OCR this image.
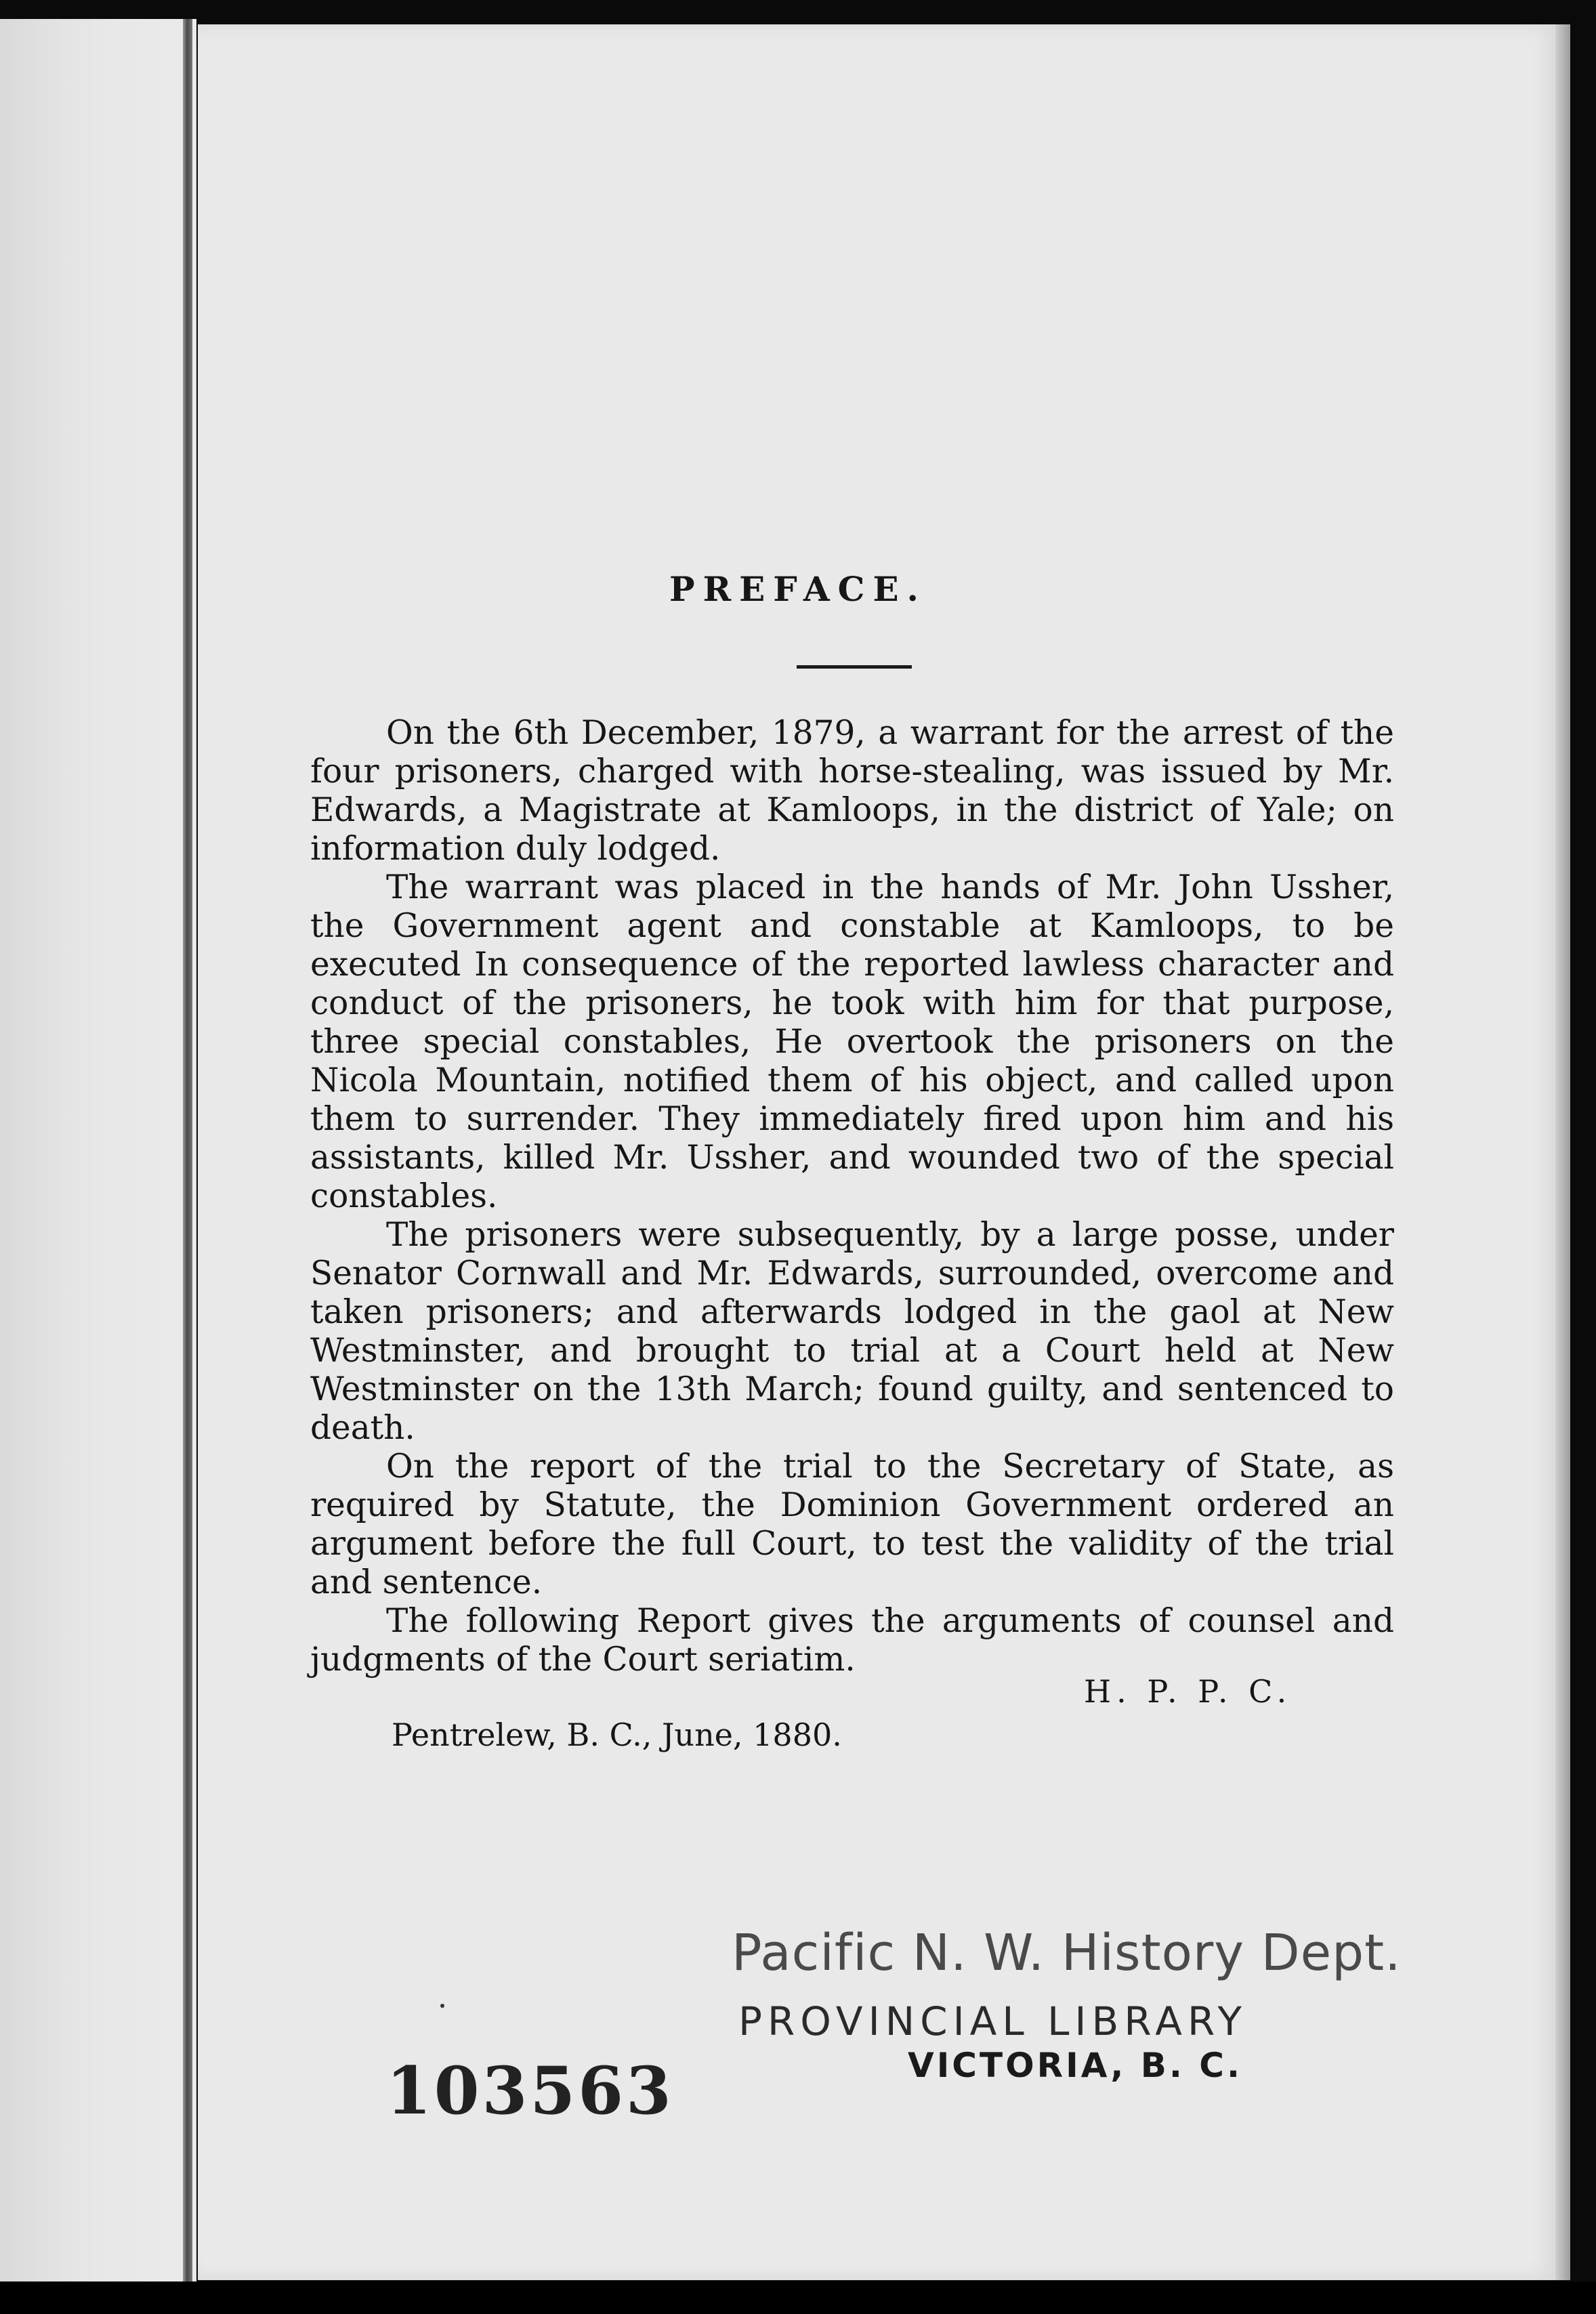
PREFACE.

On the 6th December, 1879, a warrant for the arrest of the four prisoners, charged with horse-stealing, was issued by Mr. Edwards, a Magistrate at Kamloops, in the district of Yale; on information duly lodged.

The warrant was placed in the hands of Mr. John Ussher, the Government agent and constable at Kamloops, to be executed In consequence of the reported lawless character and conduct of the prisoners, he took with him for that purpose, three special constables, He overtook the prisoners on the Nicola Mountain, notified them of his object, and called upon them to surrender. They immediately fired upon him and his assistants, killed Mr. Ussher, and wounded two of the special constables.

The prisoners were subsequently, by a large posse, under Senator Cornwall and Mr. Edwards, surrounded, overcome and taken prisoners; and afterwards lodged in the gaol at New Westminster, and brought to trial at a Court held at New Westminster on the 13th March; found guilty, and sentenced to death.

On the report of the trial to the Secretary of State, as required by Statute, the Dominion Government ordered an argument before the full Court, to test the validity of the trial and sentence.

The following Report gives the arguments of counsel and judgments of the Court seriatim.

H. P. P. C.
Pentrelew, B. C., June, 1880.
Pacific N. W. History Dept.
PROVINCIAL LIBRARY
VICTORIA, B. C.
103563
